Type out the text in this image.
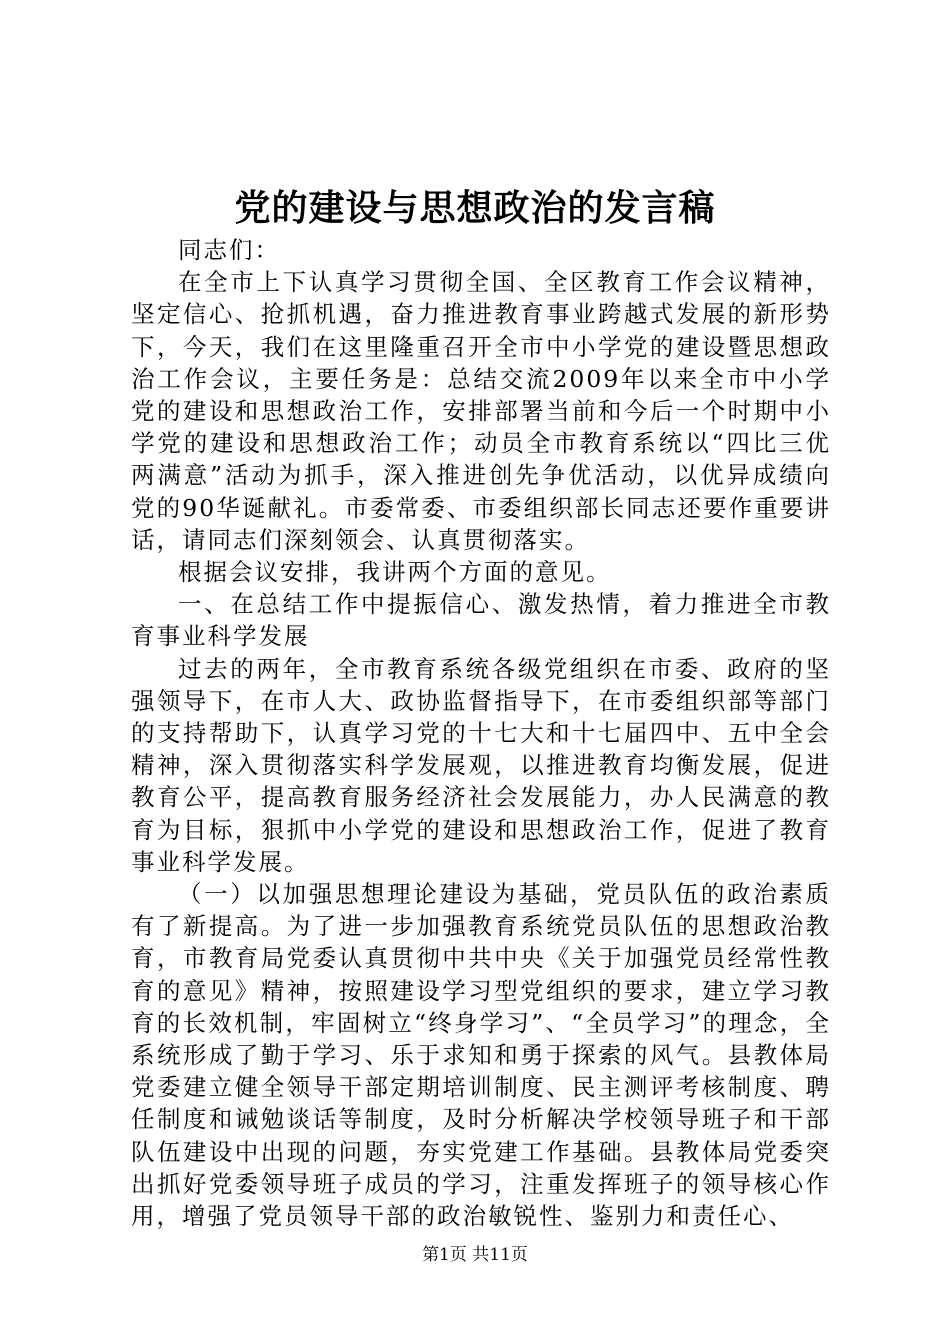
党的建设与思想政治的发言稿

同志们：

在全市上下认真学习贯彻全国、全区教育工作会议精神，坚定信心、抢抓机遇，奋力推进教育事业跨越式发展的新形势下，今天，我们在这里隆重召开全市中小学党的建设暨思想政治工作会议，主要任务是：总结交流2009年以来全市中小学党的建设和思想政治工作，安排部署当前和今后一个时期中小学党的建设和思想政治工作；动员全市教育系统以“四比三优两满意”活动为抓手，深入推进创先争优活动，以优异成绩向党的90华诞献礼。市委常委、市委组织部长同志还要作重要讲话，请同志们深刻领会、认真贯彻落实。

根据会议安排，我讲两个方面的意见。

一、在总结工作中提振信心、激发热情，着力推进全市教育事业科学发展

过去的两年，全市教育系统各级党组织在市委、政府的坚强领导下，在市人大、政协监督指导下，在市委组织部等部门的支持帮助下，认真学习党的十七大和十七届四中、五中全会精神，深入贯彻落实科学发展观，以推进教育均衡发展，促进教育公平，提高教育服务经济社会发展能力，办人民满意的教育为目标，狠抓中小学党的建设和思想政治工作，促进了教育事业科学发展。

（一）以加强思想理论建设为基础，党员队伍的政治素质有了新提高。为了进一步加强教育系统党员队伍的思想政治教育，市教育局党委认真贯彻中共中央《关于加强党员经常性教育的意见》精神，按照建设学习型党组织的要求，建立学习教育的长效机制，牢固树立“终身学习”、“全员学习”的理念，全系统形成了勤于学习、乐于求知和勇于探索的风气。县教体局党委建立健全领导干部定期培训制度、民主测评考核制度、聘任制度和诫勉谈话等制度，及时分析解决学校领导班子和干部队伍建设中出现的问题，夯实党建工作基础。县教体局党委突出抓好党委领导班子成员的学习，注重发挥班子的领导核心作用，增强了党员领导干部的政治敏锐性、鉴别力和责任心、

第1页 共11页
